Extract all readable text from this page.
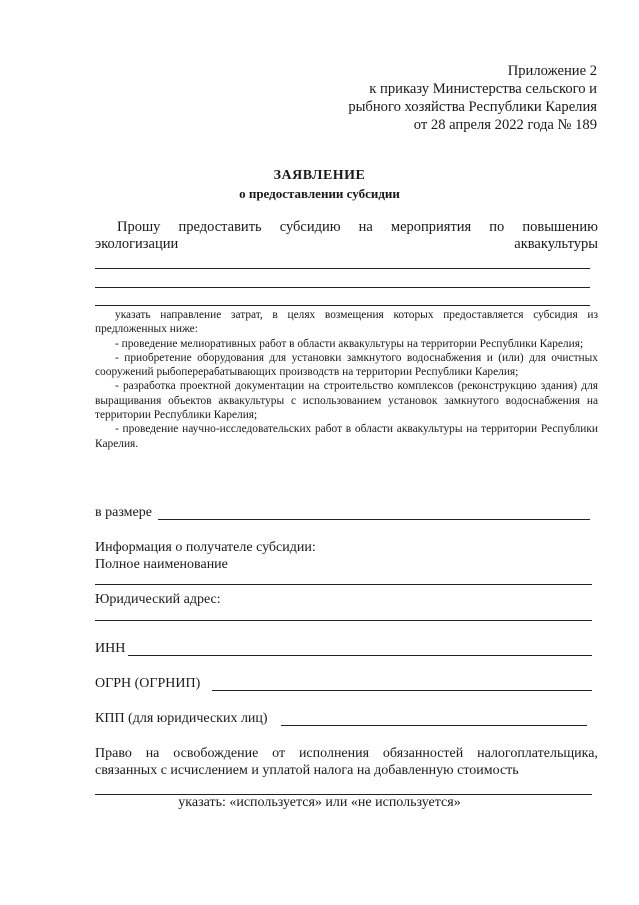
Приложение 2
к приказу Министерства сельского и
рыбного хозяйства Республики Карелия
от 28 апреля 2022 года № 189
ЗАЯВЛЕНИЕ
о предоставлении субсидии
Прошу предоставить субсидию на мероприятия по повышению
экологизации	аквакультуры

указать направление затрат, в целях возмещения которых предоставляется субсидия из предложенных ниже:

- проведение мелиоративных работ в области аквакультуры на территории Республики Карелия;

- приобретение оборудования для установки замкнутого водоснабжения и (или) для очистных сооружений рыбоперерабатывающих производств на территории Республики Карелия;

- разработка проектной документации на строительство комплексов (реконструкцию здания) для выращивания объектов аквакультуры с использованием установок замкнутого водоснабжения на территории Республики Карелия;

- проведение научно-исследовательских работ в области аквакультуры на территории Республики Карелия.

в размере
Информация о получателе субсидии:
Полное наименование
Юридический адрес:
ИНН
ОГРН (ОГРНИП)
КПП (для юридических лиц)
Право на освобождение от исполнения обязанностей налогоплательщика,
связанных с исчислением и уплатой налога на добавленную стоимость
указать: «используется» или «не используется»
